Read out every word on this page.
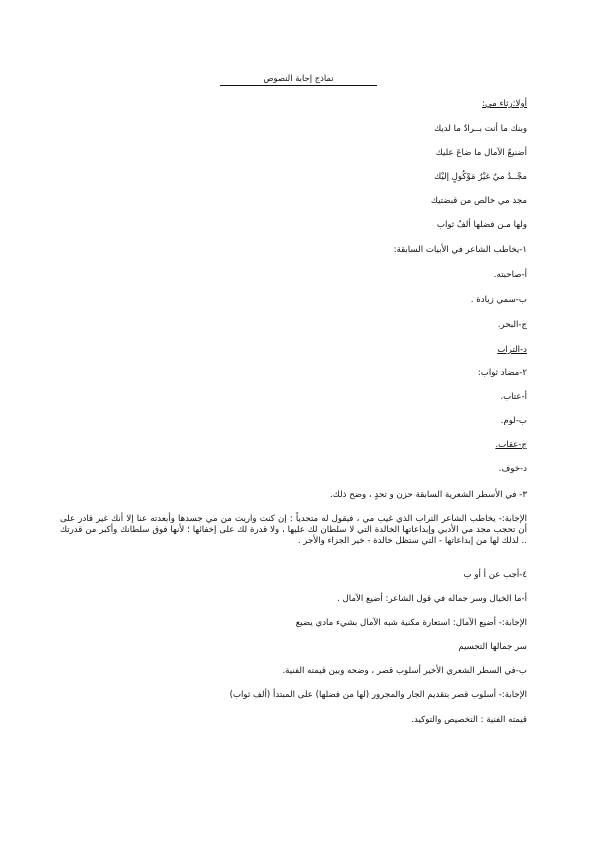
نماذج إجابة النصوص
أولا:رثاء مي:
وبنك ما أنت بــرادٌ ما لديك
أضنيعٌ الآمال ما ضاعَ عليك
مجْــدُ ميٌ غيْرُ مَوْكُولٍ إليْك
مجد مي خالص من قبضتيك
ولها مـن فضلها ألفُ ثواب
١-يخاطب الشاعر في الأبيات السابقة:
أ-صاحبته.
ب-سمي زيادة .
ج-البحر.
د-التراب
٢-مضاد ثواب:
أ-عتاب.
ب-لوم.
ج-عقاب.
د-خوف.
٣- في الأسطر الشعرية السابقة حزن و تحدٍ ، وضح ذلك.
الإجابة:- يخاطب الشاعر التراب الذي غيب مي ، فيقول له متحدياً : إن كنت واريت من مي جسدها وأبعدته عنا إلا أنك غير قادر على أن تحجب مجد مي الأدبي وإبداعاتها الخالدة التي لا سلطان لك عليها ، ولا قدرة لك على إخفائها ؛ لأنها فوق سلطانك وأكبر من قدرتك .. لذلك لها من إبداعاتها - التي ستظل خالدة - خير الجزاء والأجر .
٤-أجب عن أ أو ب
أ-ما الخيال وسر جماله في قول الشاعر: أضيع الآمال .
الإجابة:- أضيع الآمال: استعارة مكنية شبه الآمال بشيء مادي يضيع
سر جمالها التجسيم
ب-في السطر الشعري الأخير أسلوب قصر ، وضحه وبين قيمته الفنية.
الإجابة:- أسلوب قصر بتقديم الجار والمجرور (لها من فضلها) على المبتدأ (ألف ثواب)
قيمته الفنية : التخصيص والتوكيد.
